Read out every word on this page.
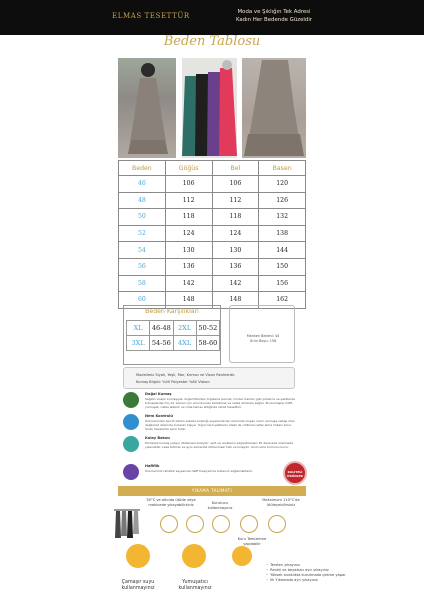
ELMAS TESETTÜR	Moda ve Şıklığın Tek Adresi
Kadın Her Bedende Güzeldir
Beden Tablosu
Beden	Göğüs	Bel	Basen
46	106	106	120
48	112	112	126
50	118	118	132
52	124	124	138
54	130	130	144
56	136	136	150
58	142	142	156
60	148	148	162
Beden Karşılıkları
XL	46-48	2XL	50-52
3XL	54-56	4XL	58-60
Manken Bedeni: 44
Ürün Boyu: 158
Modelimiz Siyah, Yeşil, Mor, Kırmızı ve Vizon Renklerdir.
Kumaş Bilgisi: %40 Polyester %60 Viskon
Doğal Kumaş
Sağlıklı viskon kumaşıyla; doğal liflerden örgülerle pamuk, modal, bambu gibi yüzlerce ve şekillerde kumaşlardan hiç bir zaman için vücudunuzu terletmez ve nefes almanızı sağlar. Bu kumaşlar hafif, yumuşak, nefes alabilir ve cilde temas ettiğinde rahat hissettirir.
Nem Kontrolü
Ürünlerimizin tercih edilen sebebi sıcaklığı sayesinde ten üzerinde oluşan nemi, kumaşa sebep olan değilsiniz üzerinde bulunan kişiye. Yoğun terli şekillerin ideali ile cildinize nefes alma imkanı tanır. Sıcak havalarda serin tutar.
Kolay Bakım
Pürüzsüz kumaş yüzeyi ütülemesi kolaydır; sert ve renklerini kaybetmeden 30 derecede makinede yıkanabilir. Leke tutmaz ve aynı zamanda ütülenmesi hızlı ve kolaydır. Uzun süre formunu korur.
Hafiflik
Ürünlerimiz rahatlık sayesinde hafif hissiyatı ile kullanım sağlamaktadır.	KALİTELİ ÜRÜNLER
YIKAMA TALİMATI
30°C ve altında ütüde veya makinede yıkayabilirsiniz	Kurutucu kullanmayınız
Maksimum 110°C'de ütüleyebilirsiniz
Kuru Temizleme yapılabilir
Çamaşır suyu kullanmayınız
Yumuşatıcı kullanmayınız
• Tersten yıkayınız
• Renkli ve beyazları ayrı yıkayınız
• Yüksek sıcaklıkta kurutmada çekme yapar
• İlk Yıkamada ayrı yıkayınız
